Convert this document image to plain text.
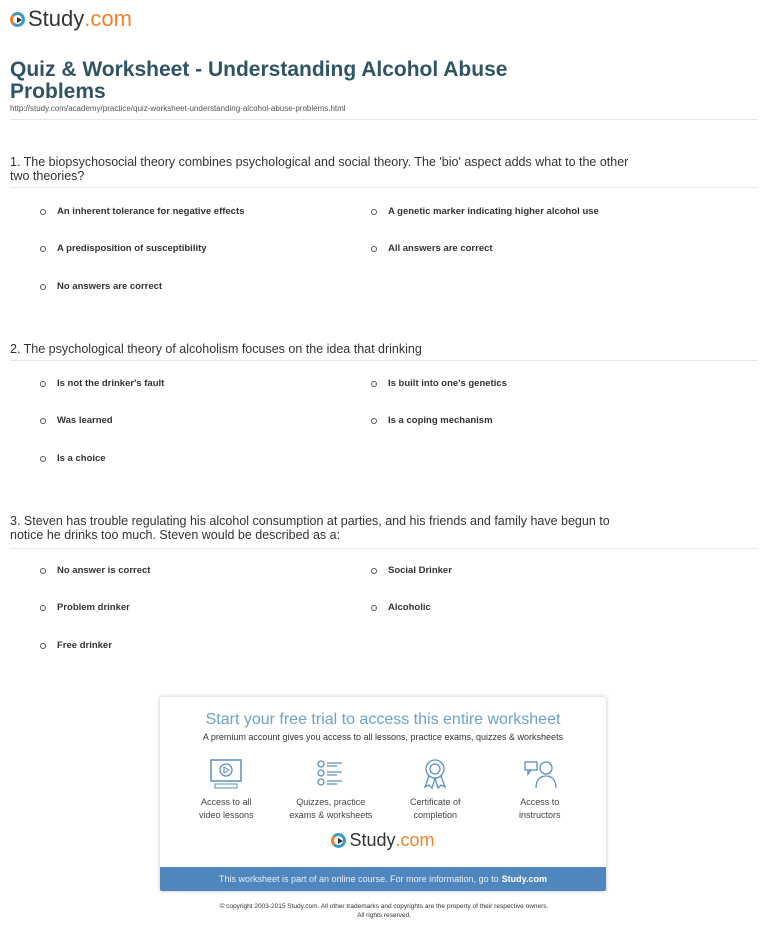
Study .com
Quiz & Worksheet - Understanding Alcohol Abuse Problems
http://study.com/academy/practice/quiz-worksheet-understanding-alcohol-abuse-problems.html
1. The biopsychosocial theory combines psychological and social theory. The 'bio' aspect adds what to the other two theories?
An inherent tolerance for negative effects	A genetic marker indicating higher alcohol use
A predisposition of susceptibility	All answers are correct
No answers are correct
2. The psychological theory of alcoholism focuses on the idea that drinking
Is not the drinker's fault	Is built into one's genetics
Was learned	Is a coping mechanism
Is a choice
3. Steven has trouble regulating his alcohol consumption at parties, and his friends and family have begun to notice he drinks too much. Steven would be described as a:
No answer is correct	Social Drinker
Problem drinker	Alcoholic
Free drinker
Start your free trial to access this entire worksheet
A premium account gives you access to all lessons, practice exams, quizzes & worksheets
Access to all
video lessons
Quizzes, practice
exams & worksheets
Certificate of
completion
Access to
instructors
Study .com
This worksheet is part of an online course. For more information, go to Study.com
© copyright 2003-2015 Study.com. All other trademarks and copyrights are the property of their respective owners.
All rights reserved.
